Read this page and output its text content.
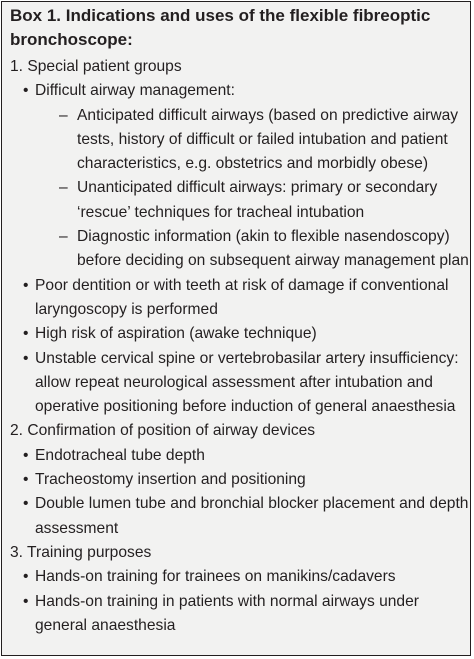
Box 1. Indications and uses of the flexible fibreoptic bronchoscope:
1. Special patient groups
• Difficult airway management:
– Anticipated difficult airways (based on predictive airway tests, history of difficult or failed intubation and patient characteristics, e.g. obstetrics and morbidly obese)
– Unanticipated difficult airways: primary or secondary ‘rescue’ techniques for tracheal intubation
– Diagnostic information (akin to flexible nasendoscopy) before deciding on subsequent airway management plan
• Poor dentition or with teeth at risk of damage if conventional laryngoscopy is performed
• High risk of aspiration (awake technique)
• Unstable cervical spine or vertebrobasilar artery insufficiency: allow repeat neurological assessment after intubation and operative positioning before induction of general anaesthesia
2. Confirmation of position of airway devices
• Endotracheal tube depth
• Tracheostomy insertion and positioning
• Double lumen tube and bronchial blocker placement and depth assessment
3. Training purposes
• Hands-on training for trainees on manikins/cadavers
• Hands-on training in patients with normal airways under general anaesthesia
